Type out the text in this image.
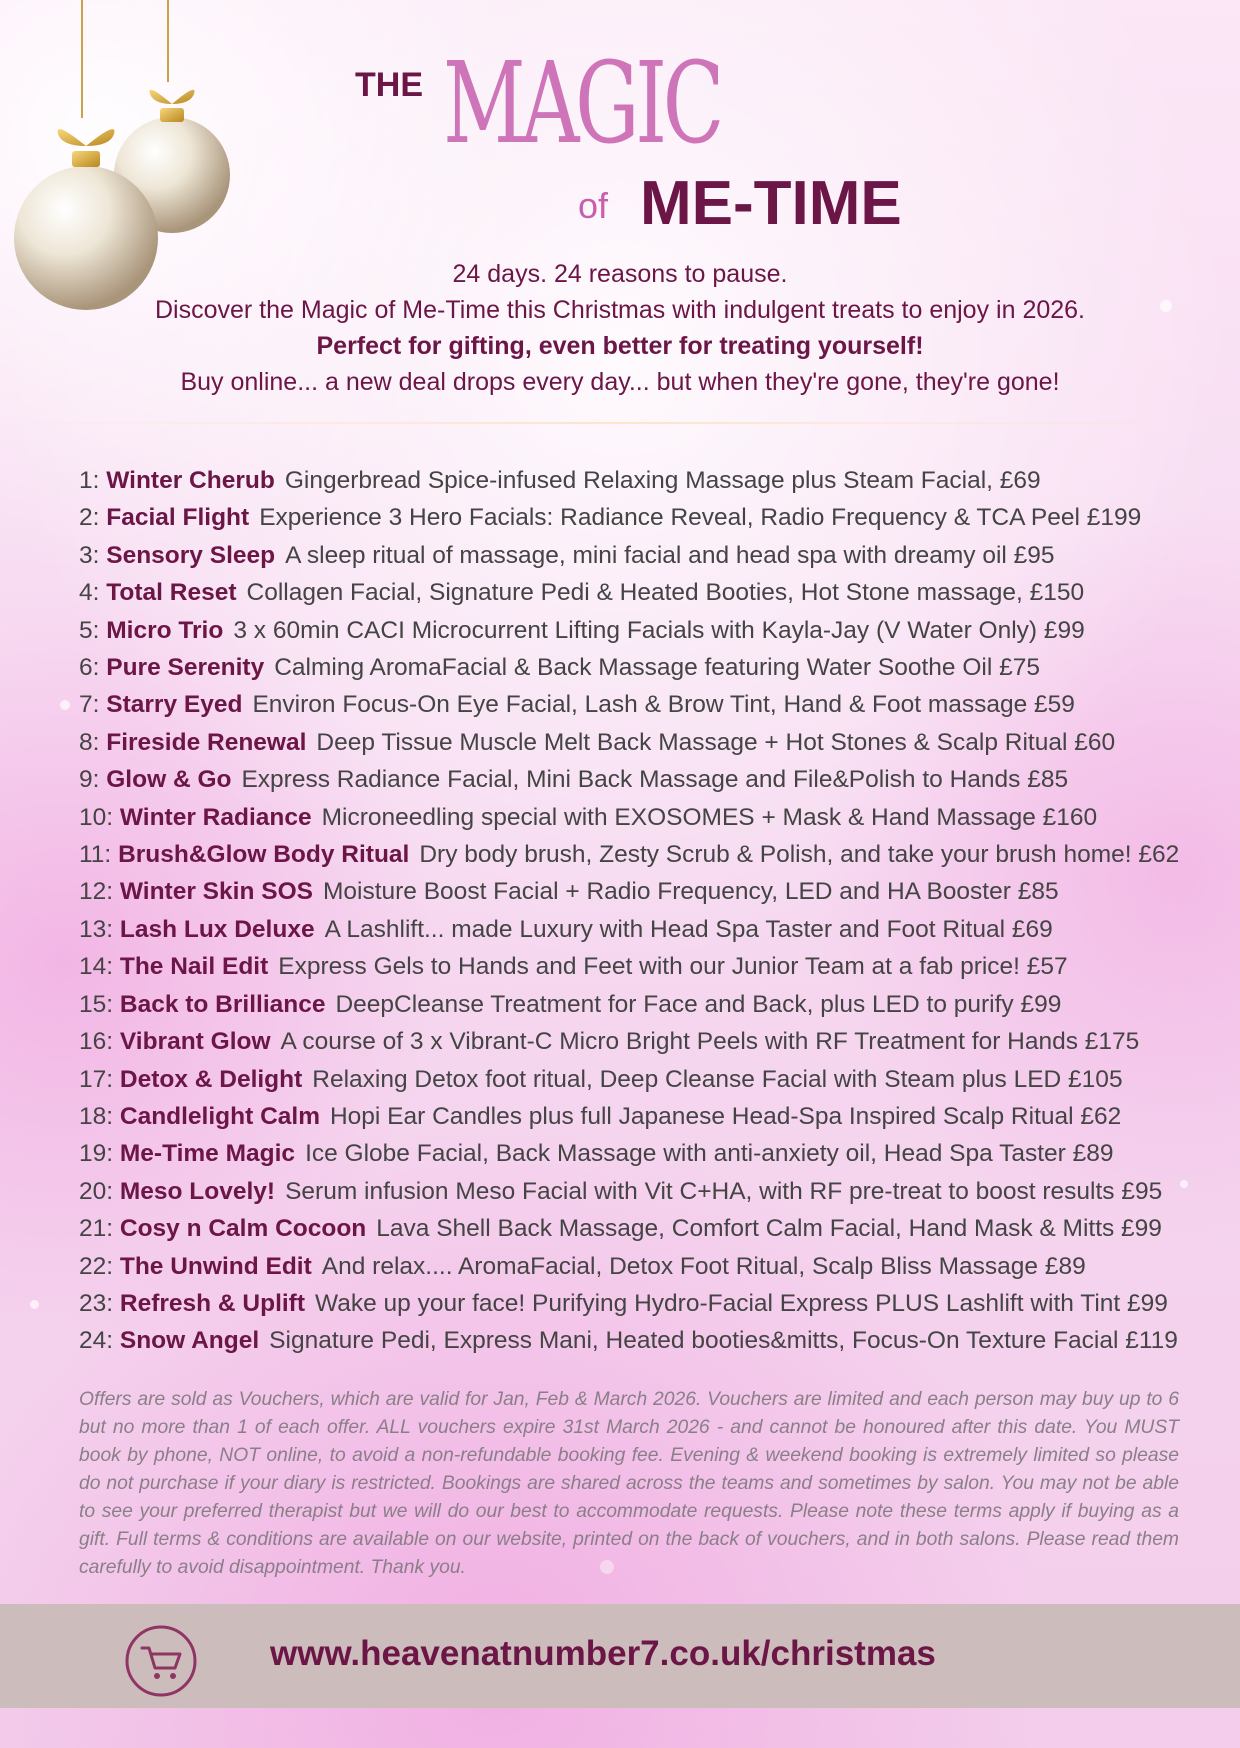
THE MAGIC
of ME-TIME
24 days. 24 reasons to pause.
Discover the Magic of Me-Time this Christmas with indulgent treats to enjoy in 2026.
Perfect for gifting, even better for treating yourself!
Buy online... a new deal drops every day... but when they're gone, they're gone!
1: Winter Cherub Gingerbread Spice-infused Relaxing Massage plus Steam Facial, £69
2: Facial Flight Experience 3 Hero Facials: Radiance Reveal, Radio Frequency & TCA Peel £199
3: Sensory Sleep A sleep ritual of massage, mini facial and head spa with dreamy oil £95
4: Total Reset Collagen Facial, Signature Pedi & Heated Booties, Hot Stone massage, £150
5: Micro Trio 3 x 60min CACI Microcurrent Lifting Facials with Kayla-Jay (V Water Only) £99
6: Pure Serenity Calming AromaFacial & Back Massage featuring Water Soothe Oil £75
7: Starry Eyed Environ Focus-On Eye Facial, Lash & Brow Tint, Hand & Foot massage £59
8: Fireside Renewal Deep Tissue Muscle Melt Back Massage + Hot Stones & Scalp Ritual £60
9: Glow & Go Express Radiance Facial, Mini Back Massage and File&Polish to Hands £85
10: Winter Radiance Microneedling special with EXOSOMES + Mask & Hand Massage £160
11: Brush&Glow Body Ritual Dry body brush, Zesty Scrub & Polish, and take your brush home! £62
12: Winter Skin SOS Moisture Boost Facial + Radio Frequency, LED and HA Booster £85
13: Lash Lux Deluxe A Lashlift... made Luxury with Head Spa Taster and Foot Ritual £69
14: The Nail Edit Express Gels to Hands and Feet with our Junior Team at a fab price! £57
15: Back to Brilliance DeepCleanse Treatment for Face and Back, plus LED to purify £99
16: Vibrant Glow A course of 3 x Vibrant-C Micro Bright Peels with RF Treatment for Hands £175
17: Detox & Delight Relaxing Detox foot ritual, Deep Cleanse Facial with Steam plus LED £105
18: Candlelight Calm Hopi Ear Candles plus full Japanese Head-Spa Inspired Scalp Ritual £62
19: Me-Time Magic Ice Globe Facial, Back Massage with anti-anxiety oil, Head Spa Taster £89
20: Meso Lovely! Serum infusion Meso Facial with Vit C+HA, with RF pre-treat to boost results £95
21: Cosy n Calm Cocoon Lava Shell Back Massage, Comfort Calm Facial, Hand Mask & Mitts £99
22: The Unwind Edit And relax.... AromaFacial, Detox Foot Ritual, Scalp Bliss Massage £89
23: Refresh & Uplift Wake up your face! Purifying Hydro-Facial Express PLUS Lashlift with Tint £99
24: Snow Angel Signature Pedi, Express Mani, Heated booties&mitts, Focus-On Texture Facial £119
Offers are sold as Vouchers, which are valid for Jan, Feb & March 2026. Vouchers are limited and each person may buy up to 6 but no more than 1 of each offer. ALL vouchers expire 31st March 2026 - and cannot be honoured after this date. You MUST book by phone, NOT online, to avoid a non-refundable booking fee. Evening & weekend booking is extremely limited so please do not purchase if your diary is restricted. Bookings are shared across the teams and sometimes by salon. You may not be able to see your preferred therapist but we will do our best to accommodate requests. Please note these terms apply if buying as a gift. Full terms & conditions are available on our website, printed on the back of vouchers, and in both salons. Please read them carefully to avoid disappointment. Thank you.
www.heavenatnumber7.co.uk/christmas
